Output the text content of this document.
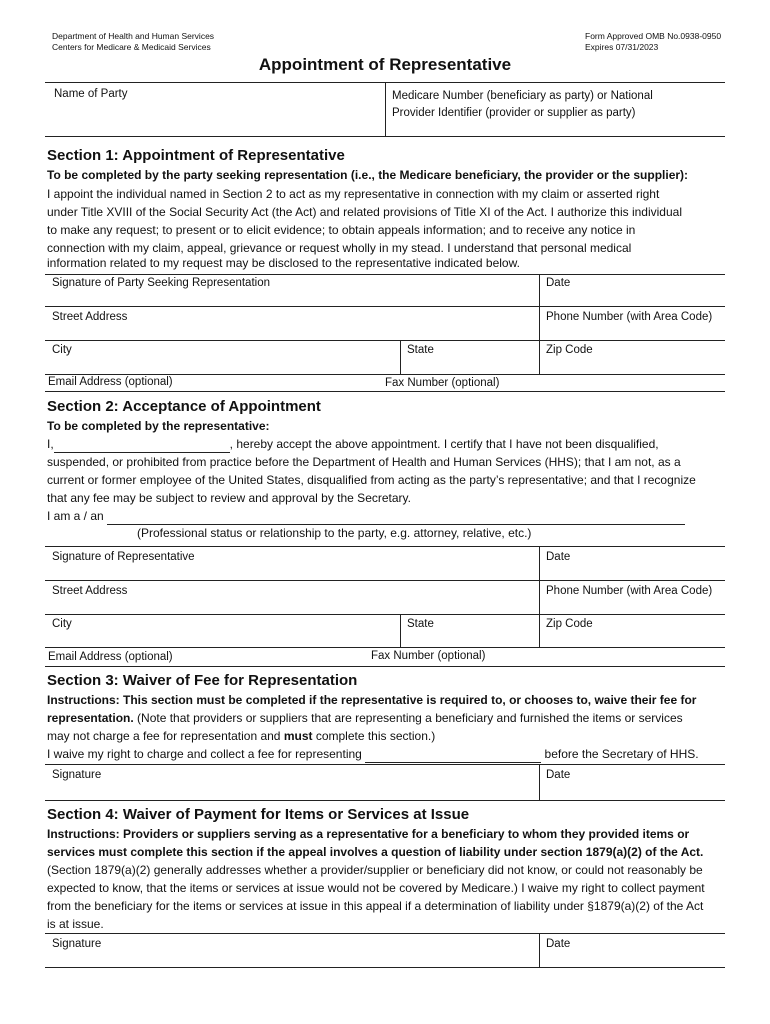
Department of Health and Human Services
Centers for Medicare & Medicaid Services
Form Approved OMB No.0938-0950
Expires 07/31/2023
Appointment of Representative
Name of Party	Medicare Number (beneficiary as party) or National
Provider Identifier (provider or supplier as party)
Section 1: Appointment of Representative
To be completed by the party seeking representation (i.e., the Medicare beneficiary, the provider or the supplier):
I appoint the individual named in Section 2 to act as my representative in connection with my claim or asserted right
under Title XVIII of the Social Security Act (the Act) and related provisions of Title XI of the Act. I authorize this individual
to make any request; to present or to elicit evidence; to obtain appeals information; and to receive any notice in
connection with my claim, appeal, grievance or request wholly in my stead. I understand that personal medical
information related to my request may be disclosed to the representative indicated below.
Signature of Party Seeking Representation	Date
Street Address	Phone Number (with Area Code)
City	State	Zip Code
Email Address (optional)	Fax Number (optional)
Section 2: Acceptance of Appointment
To be completed by the representative:
I,	, hereby accept the above appointment. I certify that I have not been disqualified,
suspended, or prohibited from practice before the Department of Health and Human Services (HHS); that I am not, as a
current or former employee of the United States, disqualified from acting as the party’s representative; and that I recognize
that any fee may be subject to review and approval by the Secretary.
I am a / an
(Professional status or relationship to the party, e.g. attorney, relative, etc.)
Signature of Representative	Date
Street Address	Phone Number (with Area Code)
City	State	Zip Code
Email Address (optional)	Fax Number (optional)
Section 3: Waiver of Fee for Representation
Instructions: This section must be completed if the representative is required to, or chooses to, waive their fee for
representation. (Note that providers or suppliers that are representing a beneficiary and furnished the items or services
may not charge a fee for representation and must complete this section.)
I waive my right to charge and collect a fee for representing	before the Secretary of HHS.
Signature	Date
Section 4: Waiver of Payment for Items or Services at Issue
Instructions: Providers or suppliers serving as a representative for a beneficiary to whom they provided items or
services must complete this section if the appeal involves a question of liability under section 1879(a)(2) of the Act.
(Section 1879(a)(2) generally addresses whether a provider/supplier or beneficiary did not know, or could not reasonably be
expected to know, that the items or services at issue would not be covered by Medicare.) I waive my right to collect payment
from the beneficiary for the items or services at issue in this appeal if a determination of liability under §1879(a)(2) of the Act
is at issue.
Signature	Date
